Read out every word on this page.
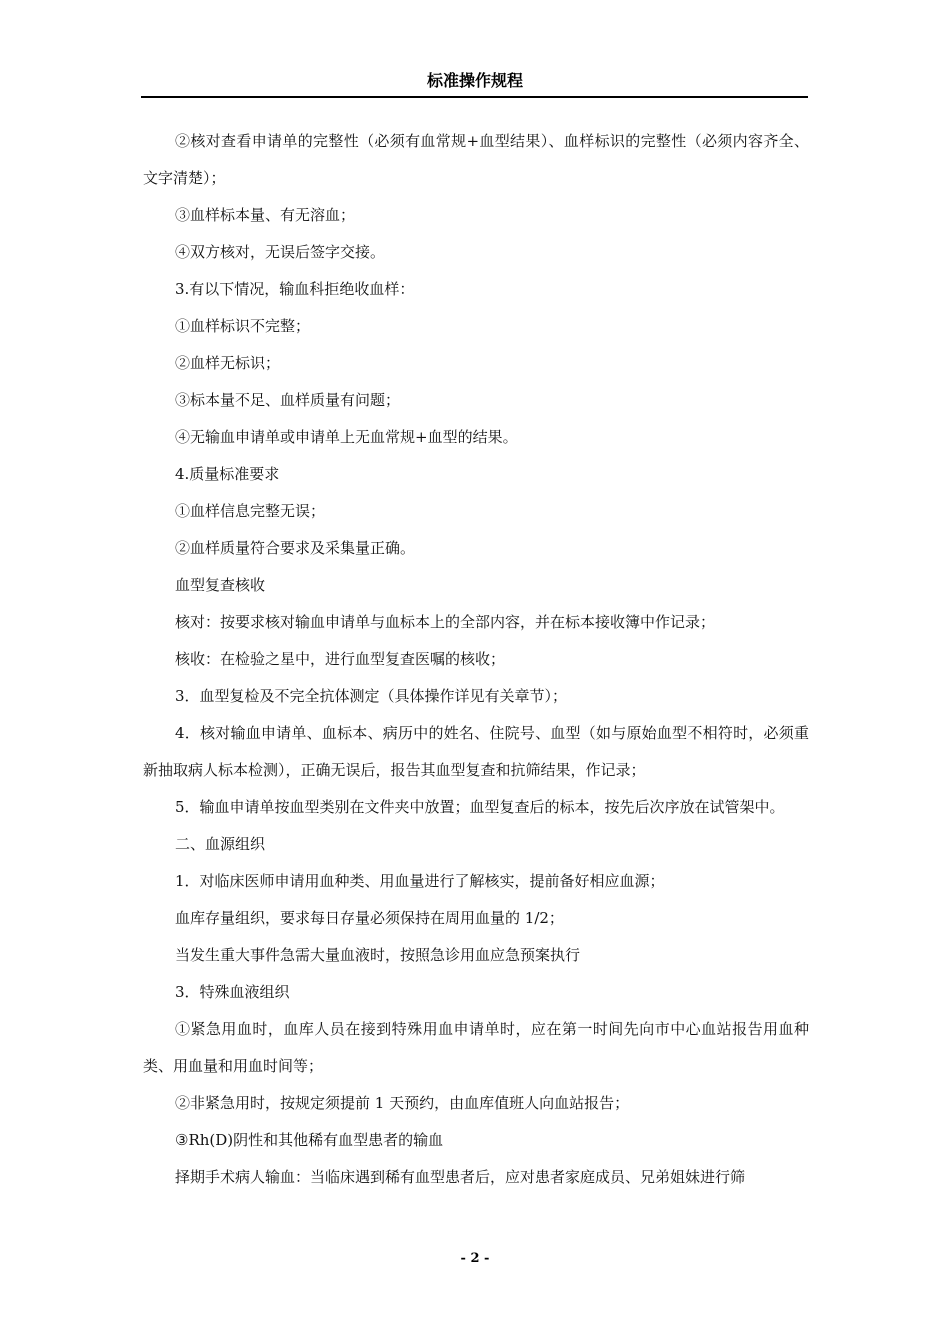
标准操作规程

②核对查看申请单的完整性（必须有血常规+血型结果）、血样标识的完整性（必须内容齐全、文字清楚）；

③血样标本量、有无溶血；

④双方核对，无误后签字交接。

3.有以下情况，输血科拒绝收血样：

①血样标识不完整；

②血样无标识；

③标本量不足、血样质量有问题；

④无输血申请单或申请单上无血常规+血型的结果。

4.质量标准要求

①血样信息完整无误；

②血样质量符合要求及采集量正确。

血型复查核收

核对：按要求核对输血申请单与血标本上的全部内容，并在标本接收簿中作记录；

核收：在检验之星中，进行血型复查医嘱的核收；

3．血型复检及不完全抗体测定（具体操作详见有关章节）；

4．核对输血申请单、血标本、病历中的姓名、住院号、血型（如与原始血型不相符时，必须重新抽取病人标本检测），正确无误后，报告其血型复查和抗筛结果，作记录；

5．输血申请单按血型类别在文件夹中放置；血型复查后的标本，按先后次序放在试管架中。

二、血源组织

1．对临床医师申请用血种类、用血量进行了解核实，提前备好相应血源；

血库存量组织，要求每日存量必须保持在周用血量的 1/2；

当发生重大事件急需大量血液时，按照急诊用血应急预案执行

3．特殊血液组织

①紧急用血时，血库人员在接到特殊用血申请单时，应在第一时间先向市中心血站报告用血种类、用血量和用血时间等；

②非紧急用时，按规定须提前 1 天预约，由血库值班人向血站报告；

③Rh(D)阴性和其他稀有血型患者的输血

择期手术病人输血：当临床遇到稀有血型患者后，应对患者家庭成员、兄弟姐妹进行筛

- 2 -
